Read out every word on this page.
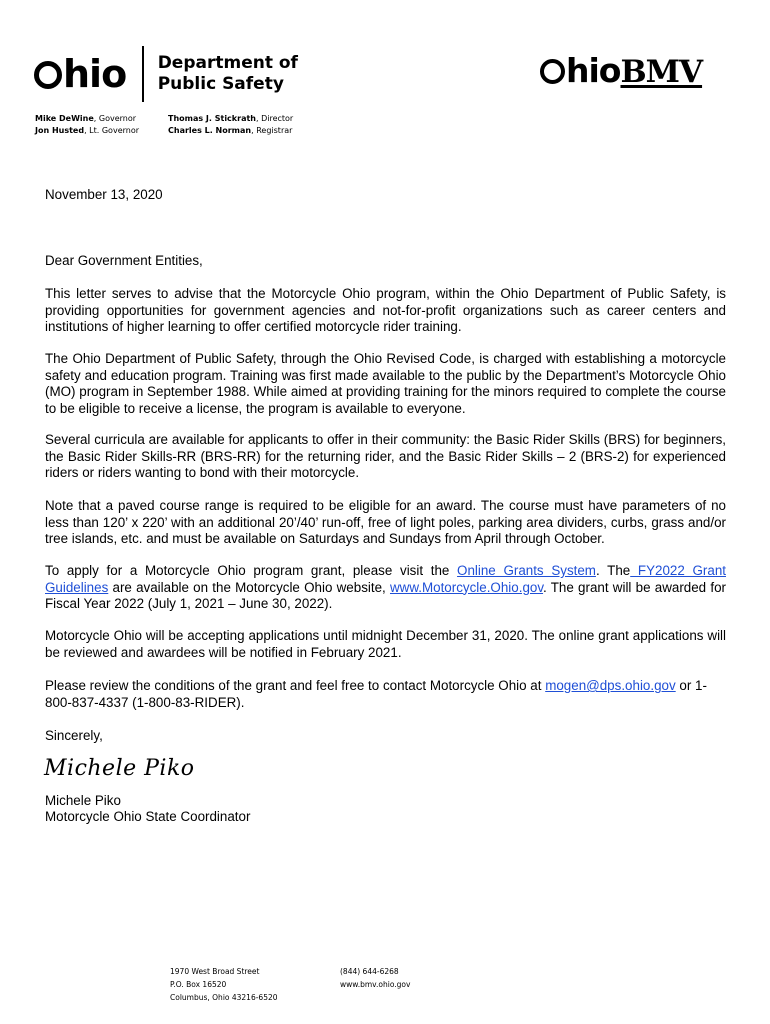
hio Department of
Public Safety	hioBMV
Mike DeWine, Governor
Jon Husted, Lt. Governor
Thomas J. Stickrath, Director
Charles L. Norman, Registrar
November 13, 2020
Dear Government Entities,
This letter serves to advise that the Motorcycle Ohio program, within the Ohio Department of Public Safety, is providing opportunities for government agencies and not-for-profit organizations such as career centers and institutions of higher learning to offer certified motorcycle rider training.
The Ohio Department of Public Safety, through the Ohio Revised Code, is charged with establishing a motorcycle safety and education program. Training was first made available to the public by the Department’s Motorcycle Ohio (MO) program in September 1988. While aimed at providing training for the minors required to complete the course to be eligible to receive a license, the program is available to everyone.
Several curricula are available for applicants to offer in their community: the Basic Rider Skills (BRS) for beginners, the Basic Rider Skills-RR (BRS-RR) for the returning rider, and the Basic Rider Skills – 2 (BRS-2) for experienced riders or riders wanting to bond with their motorcycle.
Note that a paved course range is required to be eligible for an award. The course must have parameters of no less than 120’ x 220’ with an additional 20’/40’ run-off, free of light poles, parking area dividers, curbs, grass and/or tree islands, etc. and must be available on Saturdays and Sundays from April through October.
To apply for a Motorcycle Ohio program grant, please visit the Online Grants System. The FY2022 Grant Guidelines are available on the Motorcycle Ohio website, www.Motorcycle.Ohio.gov. The grant will be awarded for Fiscal Year 2022 (July 1, 2021 – June 30, 2022).
Motorcycle Ohio will be accepting applications until midnight December 31, 2020. The online grant applications will be reviewed and awardees will be notified in February 2021.
Please review the conditions of the grant and feel free to contact Motorcycle Ohio at mogen@dps.ohio.gov or 1-800-837-4337 (1-800-83-RIDER).
Sincerely,
Michele Piko
Michele Piko
Motorcycle Ohio State Coordinator
1970 West Broad Street
P.O. Box 16520
Columbus, Ohio 43216-6520
(844) 644-6268
www.bmv.ohio.gov
